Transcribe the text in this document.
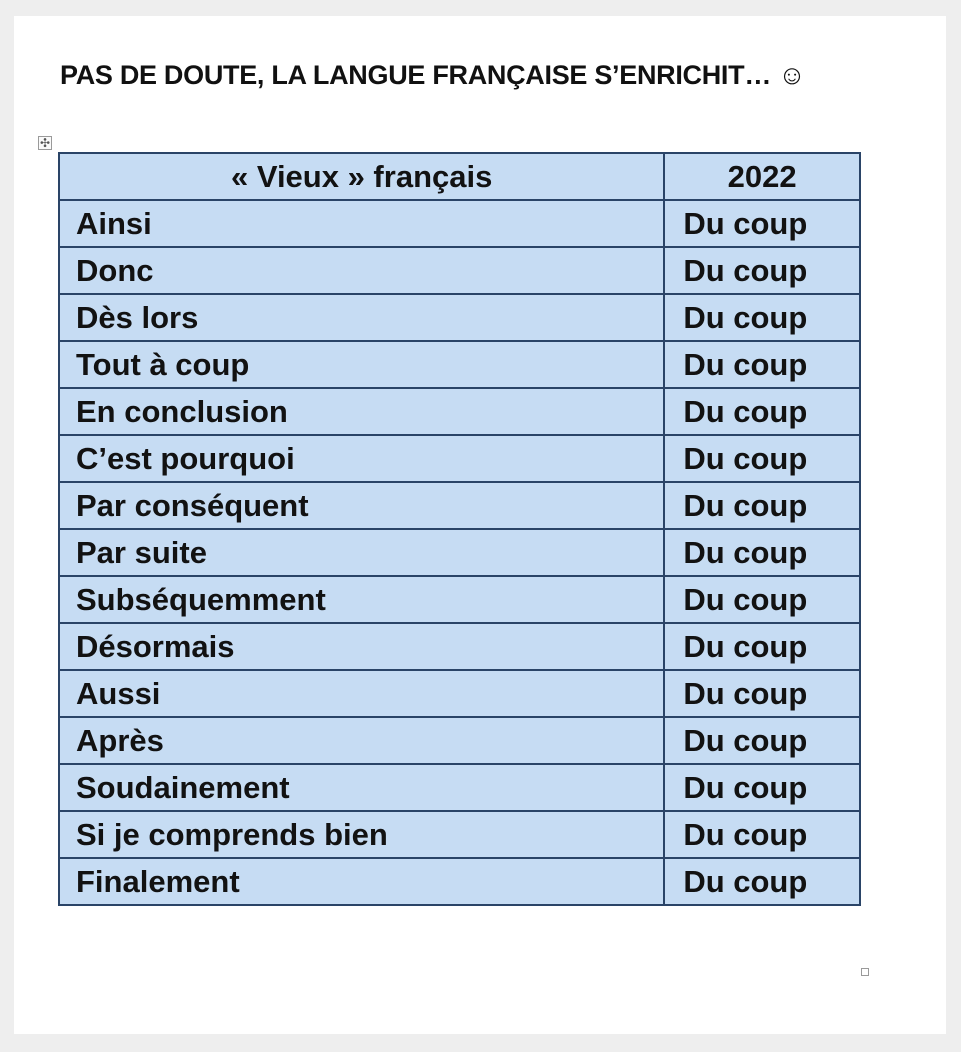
PAS DE DOUTE, LA LANGUE FRANÇAISE S’ENRICHIT… ☺
✣
« Vieux » français	2022
Ainsi	Du coup
Donc	Du coup
Dès lors	Du coup
Tout à coup	Du coup
En conclusion	Du coup
C’est pourquoi	Du coup
Par conséquent	Du coup
Par suite	Du coup
Subséquemment	Du coup
Désormais	Du coup
Aussi	Du coup
Après	Du coup
Soudainement	Du coup
Si je comprends bien	Du coup
Finalement	Du coup
